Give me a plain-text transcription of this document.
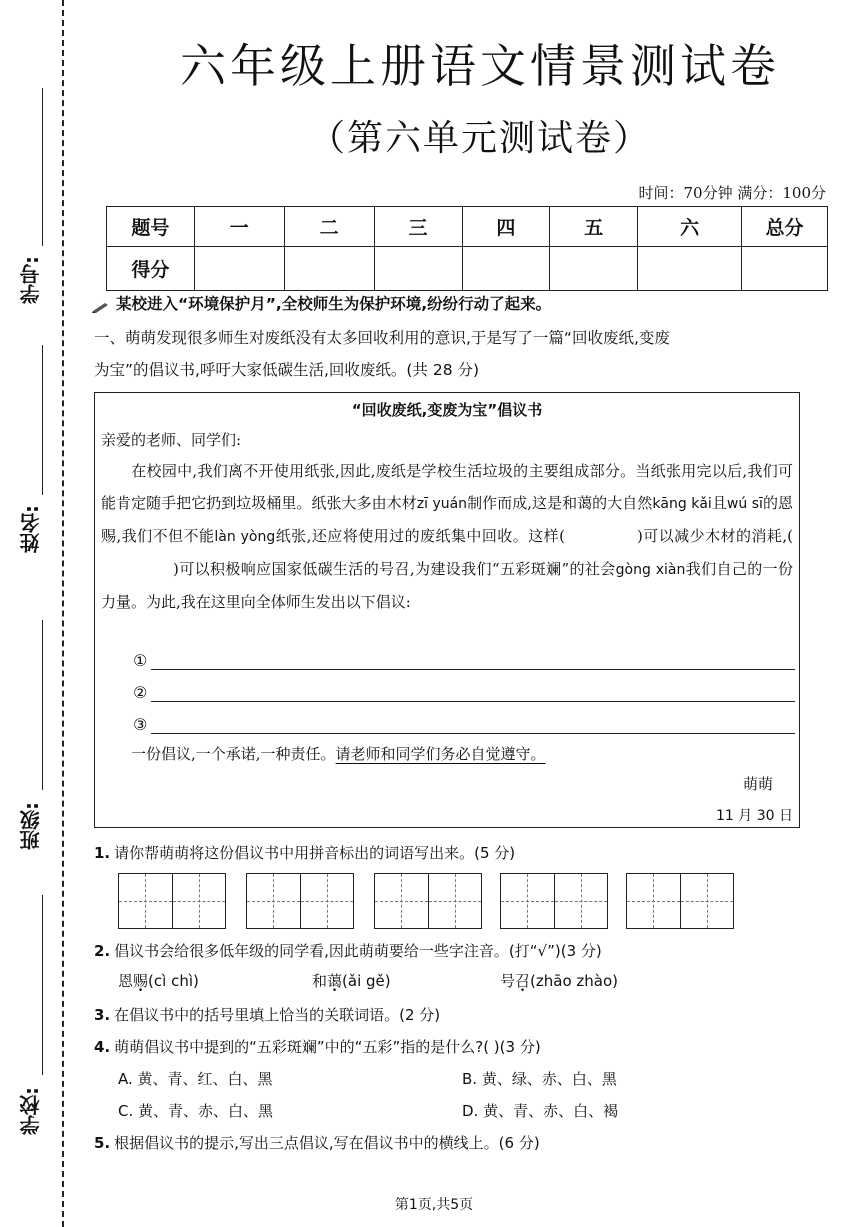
学号:
姓名:
班级:
学校:
六年级上册语文情景测试卷
（第六单元测试卷）
时间：70分钟 满分：100分
题号	一	二	三	四	五	六	总分
得分							
某校进入“环境保护月”,全校师生为保护环境,纷纷行动了起来。
一、萌萌发现很多师生对废纸没有太多回收利用的意识,于是写了一篇“回收废纸,变废
为宝”的倡议书,呼吁大家低碳生活,回收废纸。(共 28 分)
“回收废纸,变废为宝”倡议书
亲爱的老师、同学们:
在校园中,我们离不开使用纸张,因此,废纸是学校生活垃圾的主要组成部分。当纸张用完以后,我们可能肯定随手把它扔到垃圾桶里。纸张大多由木材zī yuán制作而成,这是和蔼的大自然kāng kǎi且wú sī的恩赐,我们不但不能làn yòng纸张,还应将使用过的废纸集中回收。这样(	)可以减少木材的消耗,()可以积极响应国家低碳生活的号召,为建设我们“五彩斑斓”的社会gòng xiàn我们自己的一份力量。为此,我在这里向全体师生发出以下倡议:
①
②
③
一份倡议,一个承诺,一种责任。请老师和同学们务必自觉遵守。
萌萌
11 月 30 日
1. 请你帮萌萌将这份倡议书中用拼音标出的词语写出来。(5 分)
2. 倡议书会给很多低年级的同学看,因此萌萌要给一些字注音。(打“√”)(3 分)
恩赐(cì chì)	和蔼(ǎi gě)	号召(zhāo zhào)
3. 在倡议书中的括号里填上恰当的关联词语。(2 分)
4. 萌萌倡议书中提到的“五彩斑斓”中的“五彩”指的是什么?( )(3 分)
A. 黄、青、红、白、黑	B. 黄、绿、赤、白、黑
C. 黄、青、赤、白、黑	D. 黄、青、赤、白、褐
5. 根据倡议书的提示,写出三点倡议,写在倡议书中的横线上。(6 分)
第1页,共5页
